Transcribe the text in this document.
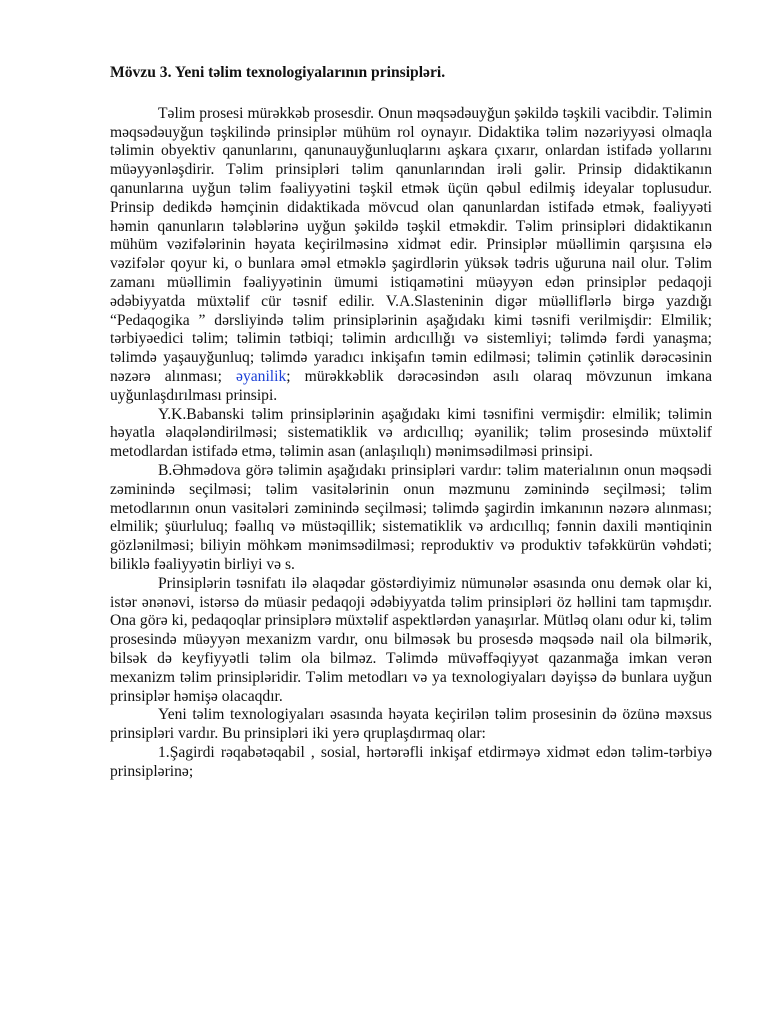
Mövzu 3. Yeni təlim texnologiyalarının prinsipləri.

Təlim prosesi mürəkkəb prosesdir. Onun məqsədəuyğun şəkildə təşkili vacibdir. Təlimin məqsədəuyğun təşkilində prinsiplər mühüm rol oynayır. Didaktika təlim nəzəriyyəsi olmaqla təlimin obyektiv qanunlarını, qanunauyğunluqlarını aşkara çıxarır, onlardan istifadə yollarını müəyyənləşdirir. Təlim prinsipləri təlim qanunlarından irəli gəlir. Prinsip didaktikanın qanunlarına uyğun təlim fəaliyyətini təşkil etmək üçün qəbul edilmiş ideyalar toplusudur. Prinsip dedikdə həmçinin didaktikada mövcud olan qanunlardan istifadə etmək, fəaliyyəti həmin qanunların tələblərinə uyğun şəkildə təşkil etməkdir. Təlim prinsipləri didaktikanın mühüm vəzifələrinin həyata keçirilməsinə xidmət edir. Prinsiplər müəllimin qarşısına elə vəzifələr qoyur ki, o bunlara əməl etməklə şagirdlərin yüksək tədris uğuruna nail olur. Təlim zamanı müəllimin fəaliyyətinin ümumi istiqamətini müəyyən edən prinsiplər pedaqoji ədəbiyyatda müxtəlif cür təsnif edilir. V.A.Slasteninin digər müəlliflərlə birgə yazdığı “Pedaqogika ” dərsliyində təlim prinsiplərinin aşağıdakı kimi təsnifi verilmişdir: Elmilik; tərbiyəedici təlim; təlimin tətbiqi; təlimin ardıcıllığı və sistemliyi; təlimdə fərdi yanaşma; təlimdə yaşauyğunluq; təlimdə yaradıcı inkişafın təmin edilməsi; təlimin çətinlik dərəcəsinin nəzərə alınması; əyanilik; mürəkkəblik dərəcəsindən asılı olaraq mövzunun imkana uyğunlaşdırılması prinsipi.

Y.K.Babanski təlim prinsiplərinin aşağıdakı kimi təsnifini vermişdir: elmilik; təlimin həyatla əlaqələndirilməsi; sistematiklik və ardıcıllıq; əyanilik; təlim prosesində müxtəlif metodlardan istifadə etmə, təlimin asan (anlaşılıqlı) mənimsədilməsi prinsipi.

B.Əhmədova görə təlimin aşağıdakı prinsipləri vardır: təlim materialının onun məqsədi zəminində seçilməsi; təlim vasitələrinin onun məzmunu zəminində seçilməsi; təlim metodlarının onun vasitələri zəminində seçilməsi; təlimdə şagirdin imkanının nəzərə alınması; elmilik; şüurluluq; fəallıq və müstəqillik; sistematiklik və ardıcıllıq; fənnin daxili məntiqinin gözlənilməsi; biliyin möhkəm mənimsədilməsi; reproduktiv və produktiv təfəkkürün vəhdəti; biliklə fəaliyyətin birliyi və s.

Prinsiplərin təsnifatı ilə əlaqədar göstərdiyimiz nümunələr əsasında onu demək olar ki, istər ənənəvi, istərsə də müasir pedaqoji ədəbiyyatda təlim prinsipləri öz həllini tam tapmışdır. Ona görə ki, pedaqoqlar prinsiplərə müxtəlif aspektlərdən yanaşırlar. Mütləq olanı odur ki, təlim prosesində müəyyən mexanizm vardır, onu bilməsək bu prosesdə məqsədə nail ola bilmərik, bilsək də keyfiyyətli təlim ola bilməz. Təlimdə müvəffəqiyyət qazanmağa imkan verən mexanizm təlim prinsipləridir. Təlim metodları və ya texnologiyaları dəyişsə də bunlara uyğun prinsiplər həmişə olacaqdır.

Yeni təlim texnologiyaları əsasında həyata keçirilən təlim prosesinin də özünə məxsus prinsipləri vardır. Bu prinsipləri iki yerə qruplaşdırmaq olar:

1.Şagirdi rəqabətəqabil , sosial, hərtərəfli inkişaf etdirməyə xidmət edən təlim-tərbiyə prinsiplərinə;
